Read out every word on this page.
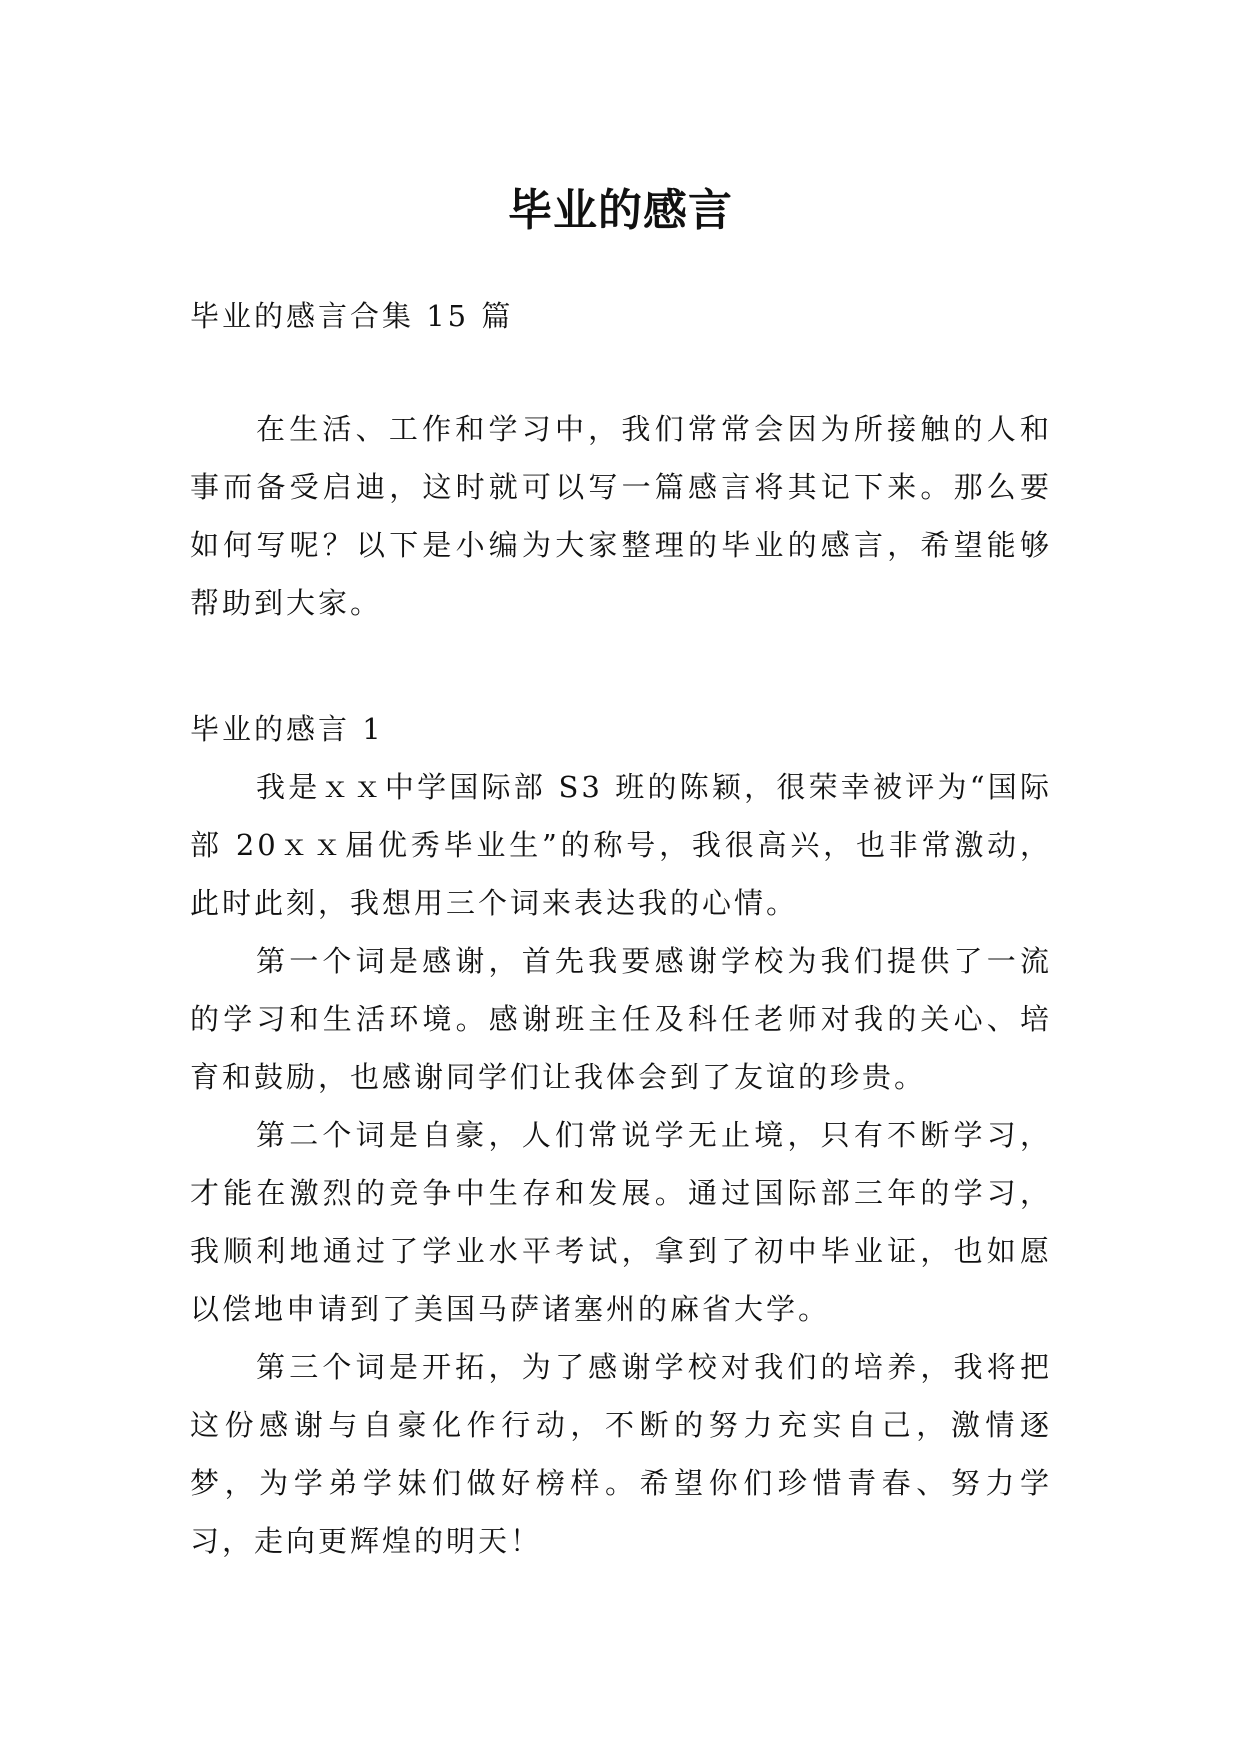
毕业的感言
毕业的感言合集 15 篇

在生活、工作和学习中，我们常常会因为所接触的人和事而备受启迪，这时就可以写一篇感言将其记下来。那么要如何写呢？以下是小编为大家整理的毕业的感言，希望能够帮助到大家。

毕业的感言 1

我是ｘｘ中学国际部 S3 班的陈颖，很荣幸被评为“国际部 20ｘｘ届优秀毕业生”的称号，我很高兴，也非常激动，此时此刻，我想用三个词来表达我的心情。

第一个词是感谢，首先我要感谢学校为我们提供了一流的学习和生活环境。感谢班主任及科任老师对我的关心、培育和鼓励，也感谢同学们让我体会到了友谊的珍贵。

第二个词是自豪，人们常说学无止境，只有不断学习，才能在激烈的竞争中生存和发展。通过国际部三年的学习，我顺利地通过了学业水平考试，拿到了初中毕业证，也如愿以偿地申请到了美国马萨诸塞州的麻省大学。

第三个词是开拓，为了感谢学校对我们的培养，我将把这份感谢与自豪化作行动，不断的努力充实自己，激情逐梦，为学弟学妹们做好榜样。希望你们珍惜青春、努力学习，走向更辉煌的明天！
